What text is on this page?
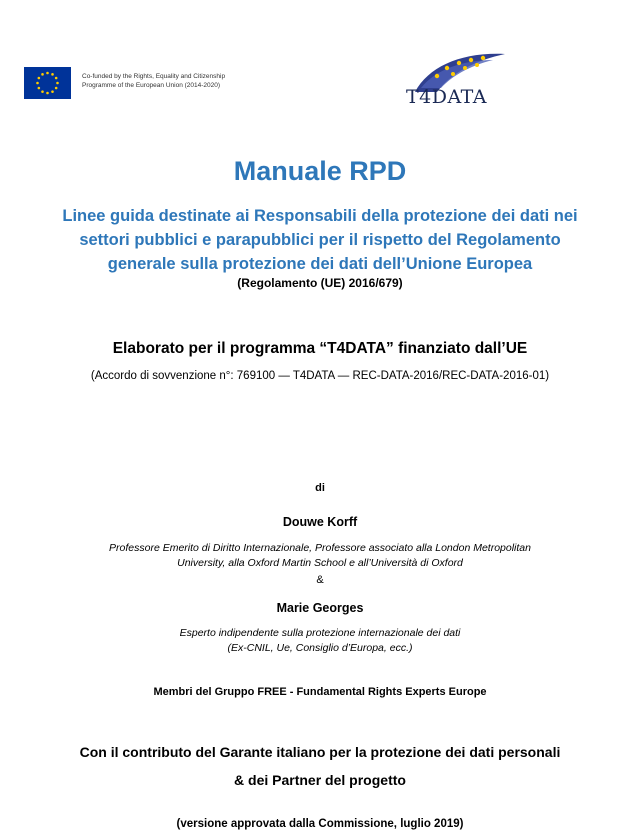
Co-funded by the Rights, Equality and Citizenship
Programme of the European Union (2014-2020)
T4DATA
Manuale RPD
Linee guida destinate ai Responsabili della protezione dei dati nei
settori pubblici e parapubblici per il rispetto del Regolamento
generale sulla protezione dei dati dell’Unione Europea
(Regolamento (UE) 2016/679)
Elaborato per il programma “T4DATA” finanziato dall’UE
(Accordo di sovvenzione n°: 769100 — T4DATA — REC-DATA-2016/REC-DATA-2016-01)
di
Douwe Korff
Professore Emerito di Diritto Internazionale, Professore associato alla London Metropolitan
University, alla Oxford Martin School e all’Università di Oxford
&
Marie Georges
Esperto indipendente sulla protezione internazionale dei dati
(Ex-CNIL, Ue, Consiglio d’Europa, ecc.)
Membri del Gruppo FREE - Fundamental Rights Experts Europe
Con il contributo del Garante italiano per la protezione dei dati personali
& dei Partner del progetto
(versione approvata dalla Commissione, luglio 2019)
